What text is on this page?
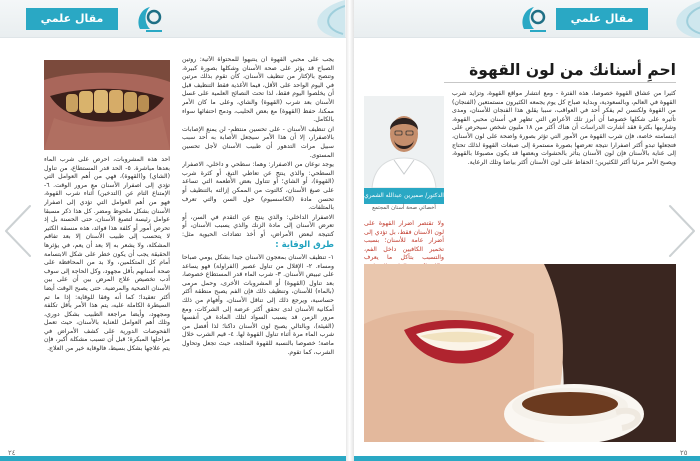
مقال علمي	مقال علمي

أحد هذه المشروبات، احرص على شرب الماء بعدها مباشرة. ٥- الحد قدر المستطاع، من تناول (الشاي) و(القهوة)، فهي من أهم العوامل التي تؤدي إلى اصفرار الأسنان مع مرور الوقت. ٦- الإمتناع التام عن (التدخين) أثناء شرب القهوة، فهو من أهم العوامل التي تؤدي إلى اصفرار الأسنان بشكل ملحوظ ومضر. كل هذا ذكر مسبقا عوامل رئيسة لتصبغ الأسنان، حتى الحسنة بل إذ تحرص أمور أو كلفة هذا فوائد، هذه منسقة الكثير لا يتحسب إلى طبيب الأسنان إلا بعد تفاقم المشكلة، ولا يشعر به إلا بعد أن يعم، في يؤثرها الحقيقة يجب أن يكون خطر على شكل الابتسامة أمام كل المتكلمين، ولا بد من المحافظة على صحة أسنانهم بأقل مجهود، وكل الحاجة إلى سوف أدب تخصيص علاج المرض بين أن على بين الأسنان الصحية والمرضية. حتى يصبح الوقت أيضا أكثر تعقيدا؛ كما أنه وفقا للوقاية: إذا ما تم السيطرة الكاملة عليه، يتم هذا الأمر بأقل تكلفة ومجهود، وأيضا مراجعة الطبيب بشكل دوري، وتلك أهم العوامل للعناية بالأسنان، حيث تعمل الفحوصات الدورية على كشف الأمراض في مراحلها المبكرة؛ قبل أن تسبب مشكلة أكبر، فإن يتم علاجها بشكل بسيط، فالوقاية خير من العلاج.

يجب على محبي القهوة أن ينتبهوا للمحتواة الآتية: روتين الصباح قد يؤثر على صحة الأسنان وشكلها بصورة كبيرة، وتنصح بالإكثار من تنظيف الأسنان، كأن تقوم بذلك مرتين في اليوم الواحد على الأقل، فيما الأغذية فقط التنظيف قبل أن يخلصوا اليوم فقط، لذا تحث النصائح العلمية على غسل الأسنان بعد شرب (القهوة) والشاي، وعلى ما كان الأمر ممكنا، حفظ (القهوة) مع بعض الحليب، ودمج احتفائها سواء بالكامل.

ان تنظيف الأسنان - على تحسين منتظم- لن يمنع الإصابات بالاصفرار، إلا أن هذا الأمر سيجعل الأصابة به أحد سبب سبيل مرات التدهور أن طبيب الأسنان لأجل تحسين المستوى.

يوجد نوعان من الاصفرار: وهما: سطحي و داخلي، الاصفرار السطحي: والذي ينتج عن تعاطي التبغ، أو كثرة شرب (القهوة)، أو الشاي؛ أو تتناول بعض الأطعمة التي تساعد على صبغ الأسنان، كالتوت من الممكن إزالته بالتنظيف أو تحسن مادة (الكاسسيوم) حول السن والتي تعرف بالمتلفات.

الاصفرار الداخلي: والذي ينتج عن التقدم في السن، أو تعرض الأسنان إلى مادة الزنك والذي يسبب الأسنان، أو كنتيجة لبعض الأمراض، أو أخذ تضادات الحيوية مثل:

طرق الوقاية :

١- تنظيف الأسنان بمعجون الأسنان جيدا بشكل يومي صباحا ومساء. ٢- الإقلال من تناول عصير (الفراولة) فهو يساعد على تبييض الأسنان. ٣- شرب الماء قدر المستطاع خصوصا، بعد تناول (القهوة) أو المشروبات الأخرى، وحمل مرمى (بالماء) للأسنان، وتنظيف ذلك فإن الفم يصبح منطقة أكثر حساسية، ويرجع ذلك إلى تناقل الأسنان، وأفهام من ذلك أمكانية الأسنان لدى تحقق أكثر عرضة إلى الشركات، ومع مرور الزمن قد يسبب السواد لتلك المادة في أنفسها (الفيئة)، وبالتالي يصبح لون الأسنان داكنا؛ لذا أفضل من شرب الماء مرة أثناء تناول القهوة لها. ٤- قيم الشرب خلال ماصة؛ خصوصا بالنسبة للقهوة المثلجة، حيث تجعل وتحاول الشرب، كما تقوم.

احمِ أسنانك من لون القهوة

كثيرا من عشاق القهوة خصوصا، هذه الفترة - ومع انتشار مواقع القهوة، وتزايد شرب القهوة في العالم، وبالسعودية، وبداية صباح كل يوم يجمعه الكثيرون مستمتعين (الفنجان) من القهوة ولكنسن لم يفكر أحد في العواقب، سببا يقلق هذا الفنجان للأسنان، ومدى تأثيره على شكلها خصوصا أن أبرز تلك الأعراض التي تظهر في أسنان محبي القهوة، وشاربيها بكثرة فقد أشارت الدراسات أن هناك أكثر من ١٨ مليون شخص سيحرص على ابتسامته خاصة، فإن شرب القهوة من الأمور التي تؤثر بصورة واضحة على لون الأسنان، فتجعلها تبدو أكثر اصفرارا نتيجة تعرضها بصورة مستمرة إلى صبغات القهوة لذلك تحتاج إلى عناية بالأسنان فإن لون الأسنان يتأثر بالحشوات وبعضها قد يكون مصبوغا بالقهوة، ويصبح الأمر مرئيا أكثر للكثيرين؛ الحفاظ على لون الأسنان أكثر بياضا وتلك الرعاية.

الدكتور/ صميرين عبدالله الشمري
أخصائي صحة أسنان المجتمع

ولا تقتصر أضرار القهوة على لون الأسنان فقط، بل تؤدي إلى أضرار عامة للأسنان؛ بسبب تخمير الكافيين داخل الفم، والتسبب بتآكل ما يعرف

٢٤	٢٥
